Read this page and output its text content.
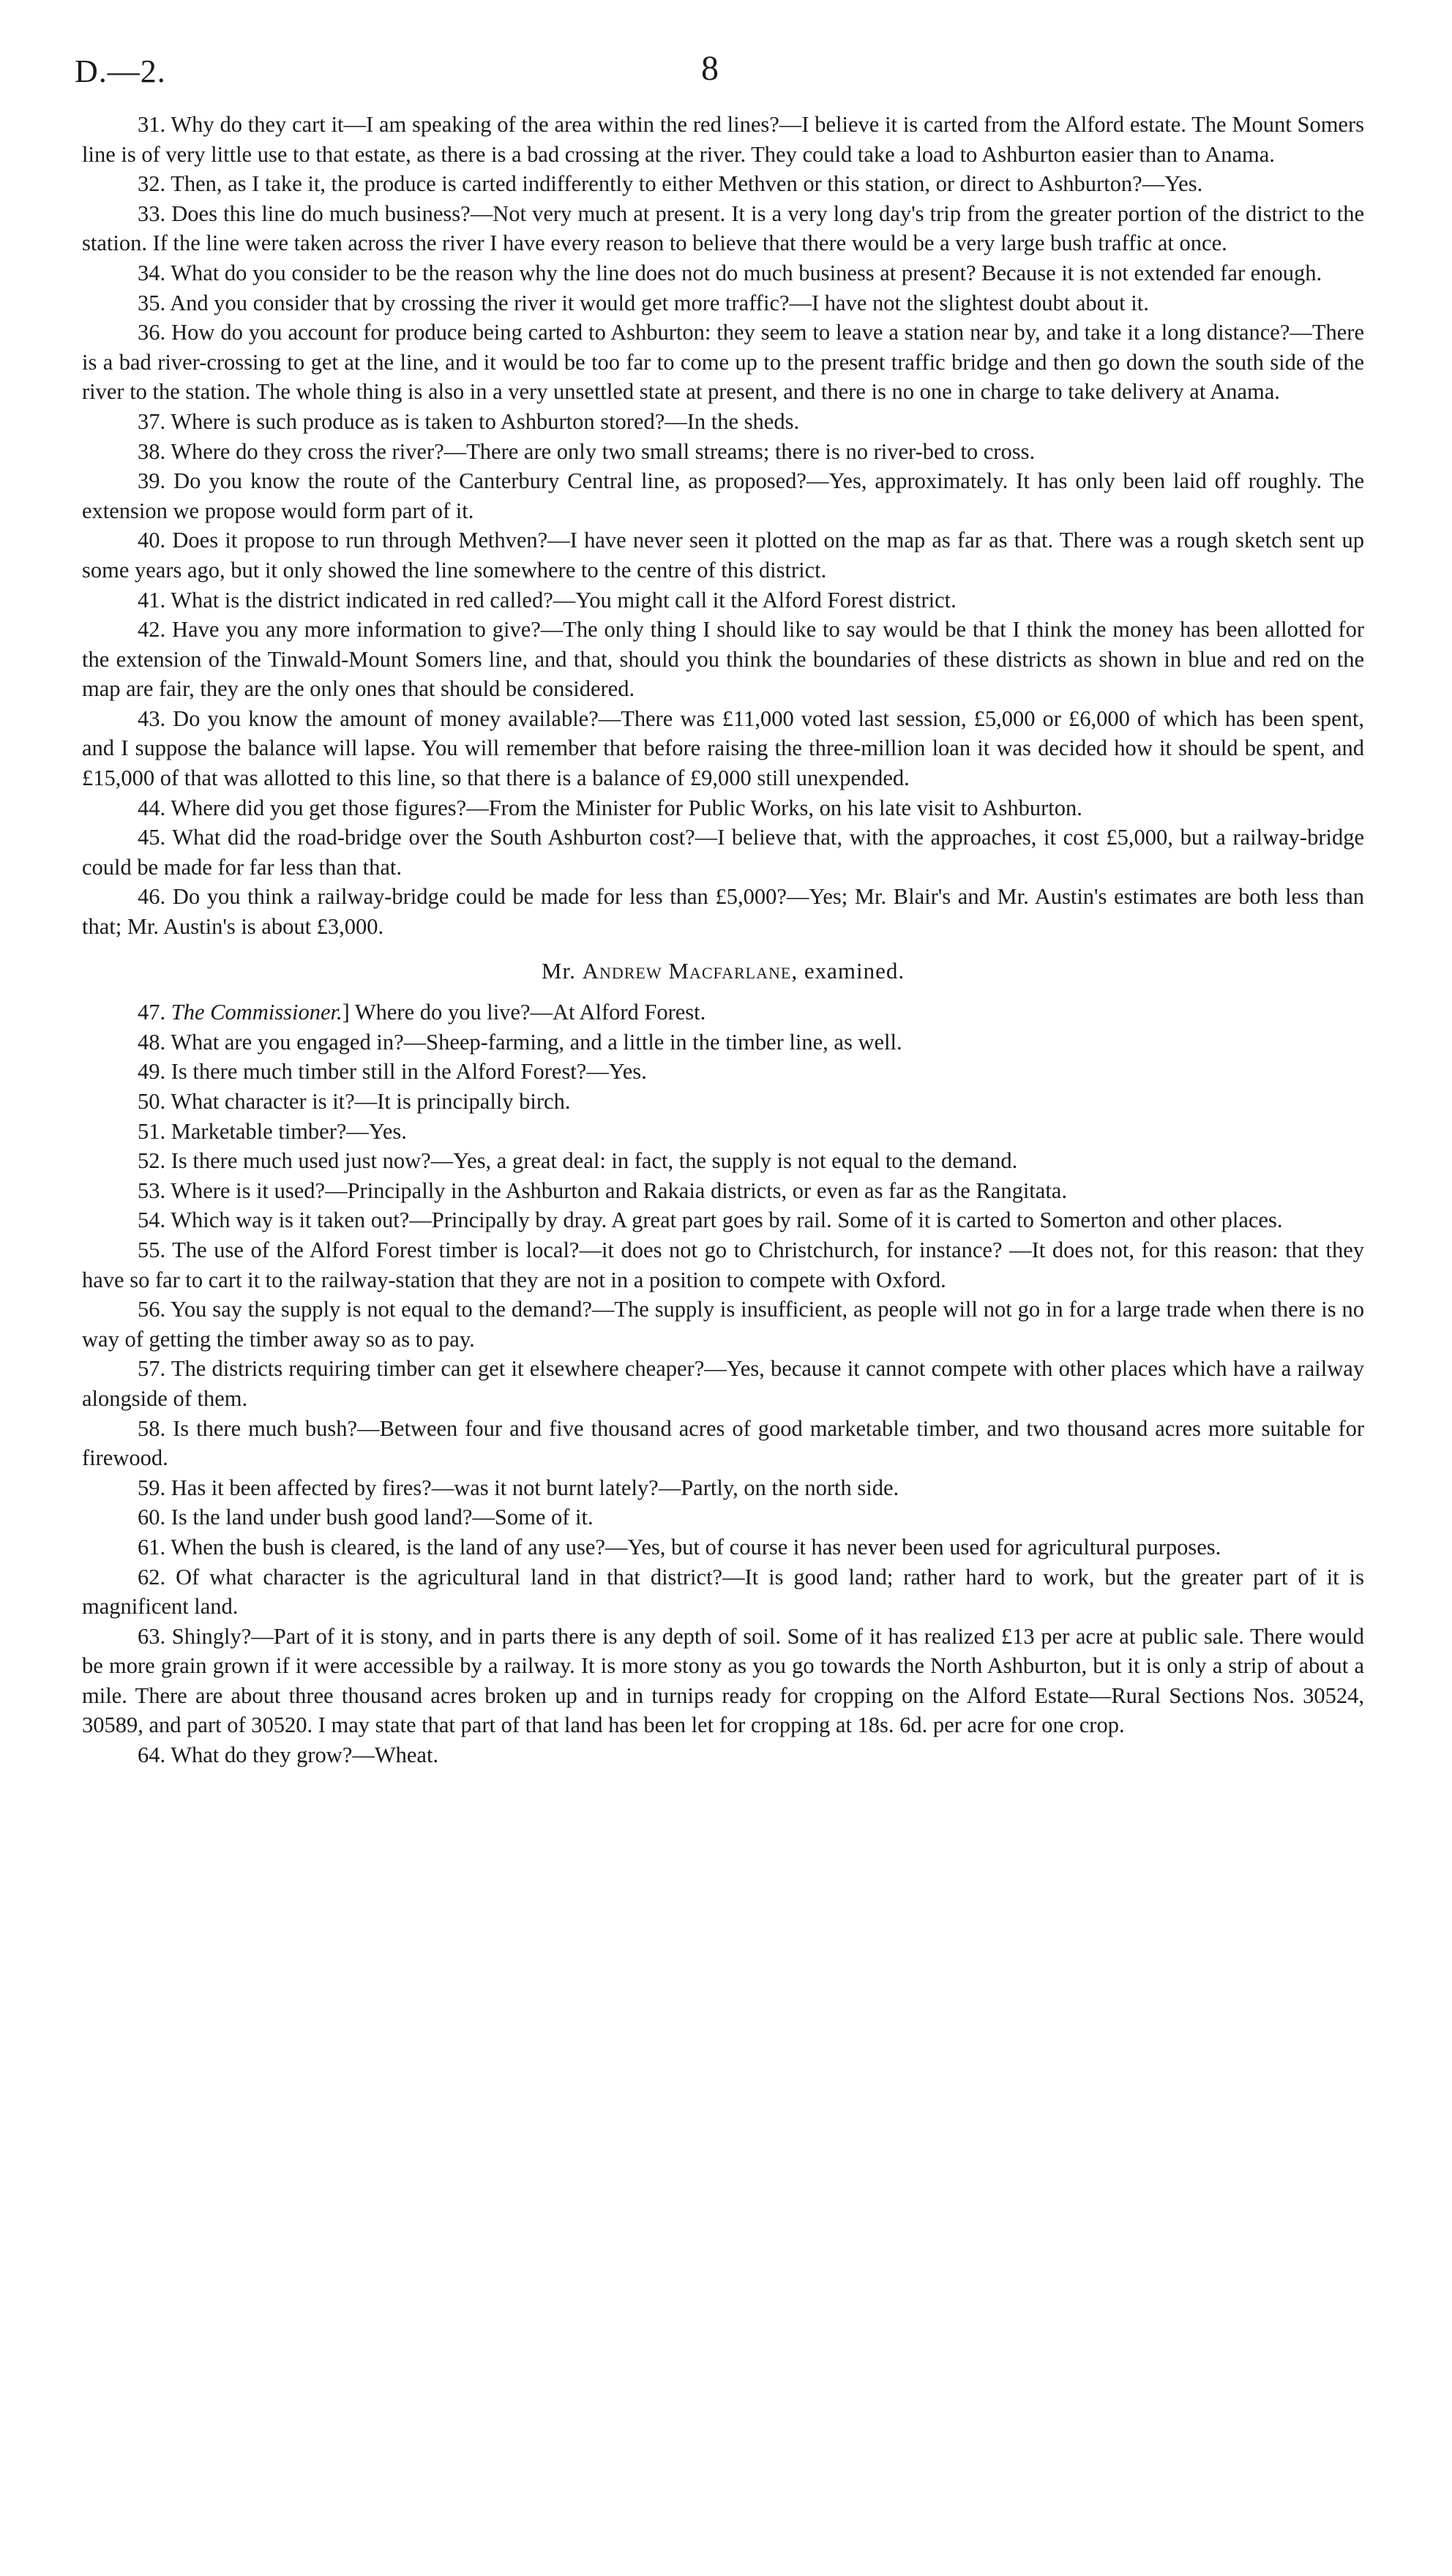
D.—2.	8

31. Why do they cart it—I am speaking of the area within the red lines?—I believe it is carted from the Alford estate. The Mount Somers line is of very little use to that estate, as there is a bad crossing at the river. They could take a load to Ashburton easier than to Anama.

32. Then, as I take it, the produce is carted indifferently to either Methven or this station, or direct to Ashburton?—Yes.

33. Does this line do much business?—Not very much at present. It is a very long day's trip from the greater portion of the district to the station. If the line were taken across the river I have every reason to believe that there would be a very large bush traffic at once.

34. What do you consider to be the reason why the line does not do much business at present? Because it is not extended far enough.

35. And you consider that by crossing the river it would get more traffic?—I have not the slightest doubt about it.

36. How do you account for produce being carted to Ashburton: they seem to leave a station near by, and take it a long distance?—There is a bad river-crossing to get at the line, and it would be too far to come up to the present traffic bridge and then go down the south side of the river to the station. The whole thing is also in a very unsettled state at present, and there is no one in charge to take delivery at Anama.

37. Where is such produce as is taken to Ashburton stored?—In the sheds.

38. Where do they cross the river?—There are only two small streams; there is no river-bed to cross.

39. Do you know the route of the Canterbury Central line, as proposed?—Yes, approximately. It has only been laid off roughly. The extension we propose would form part of it.

40. Does it propose to run through Methven?—I have never seen it plotted on the map as far as that. There was a rough sketch sent up some years ago, but it only showed the line somewhere to the centre of this district.

41. What is the district indicated in red called?—You might call it the Alford Forest district.

42. Have you any more information to give?—The only thing I should like to say would be that I think the money has been allotted for the extension of the Tinwald-Mount Somers line, and that, should you think the boundaries of these districts as shown in blue and red on the map are fair, they are the only ones that should be considered.

43. Do you know the amount of money available?—There was £11,000 voted last session, £5,000 or £6,000 of which has been spent, and I suppose the balance will lapse. You will remember that before raising the three-million loan it was decided how it should be spent, and £15,000 of that was allotted to this line, so that there is a balance of £9,000 still unexpended.

44. Where did you get those figures?—From the Minister for Public Works, on his late visit to Ashburton.

45. What did the road-bridge over the South Ashburton cost?—I believe that, with the approaches, it cost £5,000, but a railway-bridge could be made for far less than that.

46. Do you think a railway-bridge could be made for less than £5,000?—Yes; Mr. Blair's and Mr. Austin's estimates are both less than that; Mr. Austin's is about £3,000.

Mr. Andrew Macfarlane, examined.

47. The Commissioner.] Where do you live?—At Alford Forest.

48. What are you engaged in?—Sheep-farming, and a little in the timber line, as well.

49. Is there much timber still in the Alford Forest?—Yes.

50. What character is it?—It is principally birch.

51. Marketable timber?—Yes.

52. Is there much used just now?—Yes, a great deal: in fact, the supply is not equal to the demand.

53. Where is it used?—Principally in the Ashburton and Rakaia districts, or even as far as the Rangitata.

54. Which way is it taken out?—Principally by dray. A great part goes by rail. Some of it is carted to Somerton and other places.

55. The use of the Alford Forest timber is local?—it does not go to Christchurch, for instance? —It does not, for this reason: that they have so far to cart it to the railway-station that they are not in a position to compete with Oxford.

56. You say the supply is not equal to the demand?—The supply is insufficient, as people will not go in for a large trade when there is no way of getting the timber away so as to pay.

57. The districts requiring timber can get it elsewhere cheaper?—Yes, because it cannot compete with other places which have a railway alongside of them.

58. Is there much bush?—Between four and five thousand acres of good marketable timber, and two thousand acres more suitable for firewood.

59. Has it been affected by fires?—was it not burnt lately?—Partly, on the north side.

60. Is the land under bush good land?—Some of it.

61. When the bush is cleared, is the land of any use?—Yes, but of course it has never been used for agricultural purposes.

62. Of what character is the agricultural land in that district?—It is good land; rather hard to work, but the greater part of it is magnificent land.

63. Shingly?—Part of it is stony, and in parts there is any depth of soil. Some of it has realized £13 per acre at public sale. There would be more grain grown if it were accessible by a railway. It is more stony as you go towards the North Ashburton, but it is only a strip of about a mile. There are about three thousand acres broken up and in turnips ready for cropping on the Alford Estate—Rural Sections Nos. 30524, 30589, and part of 30520. I may state that part of that land has been let for cropping at 18s. 6d. per acre for one crop.

64. What do they grow?—Wheat.
